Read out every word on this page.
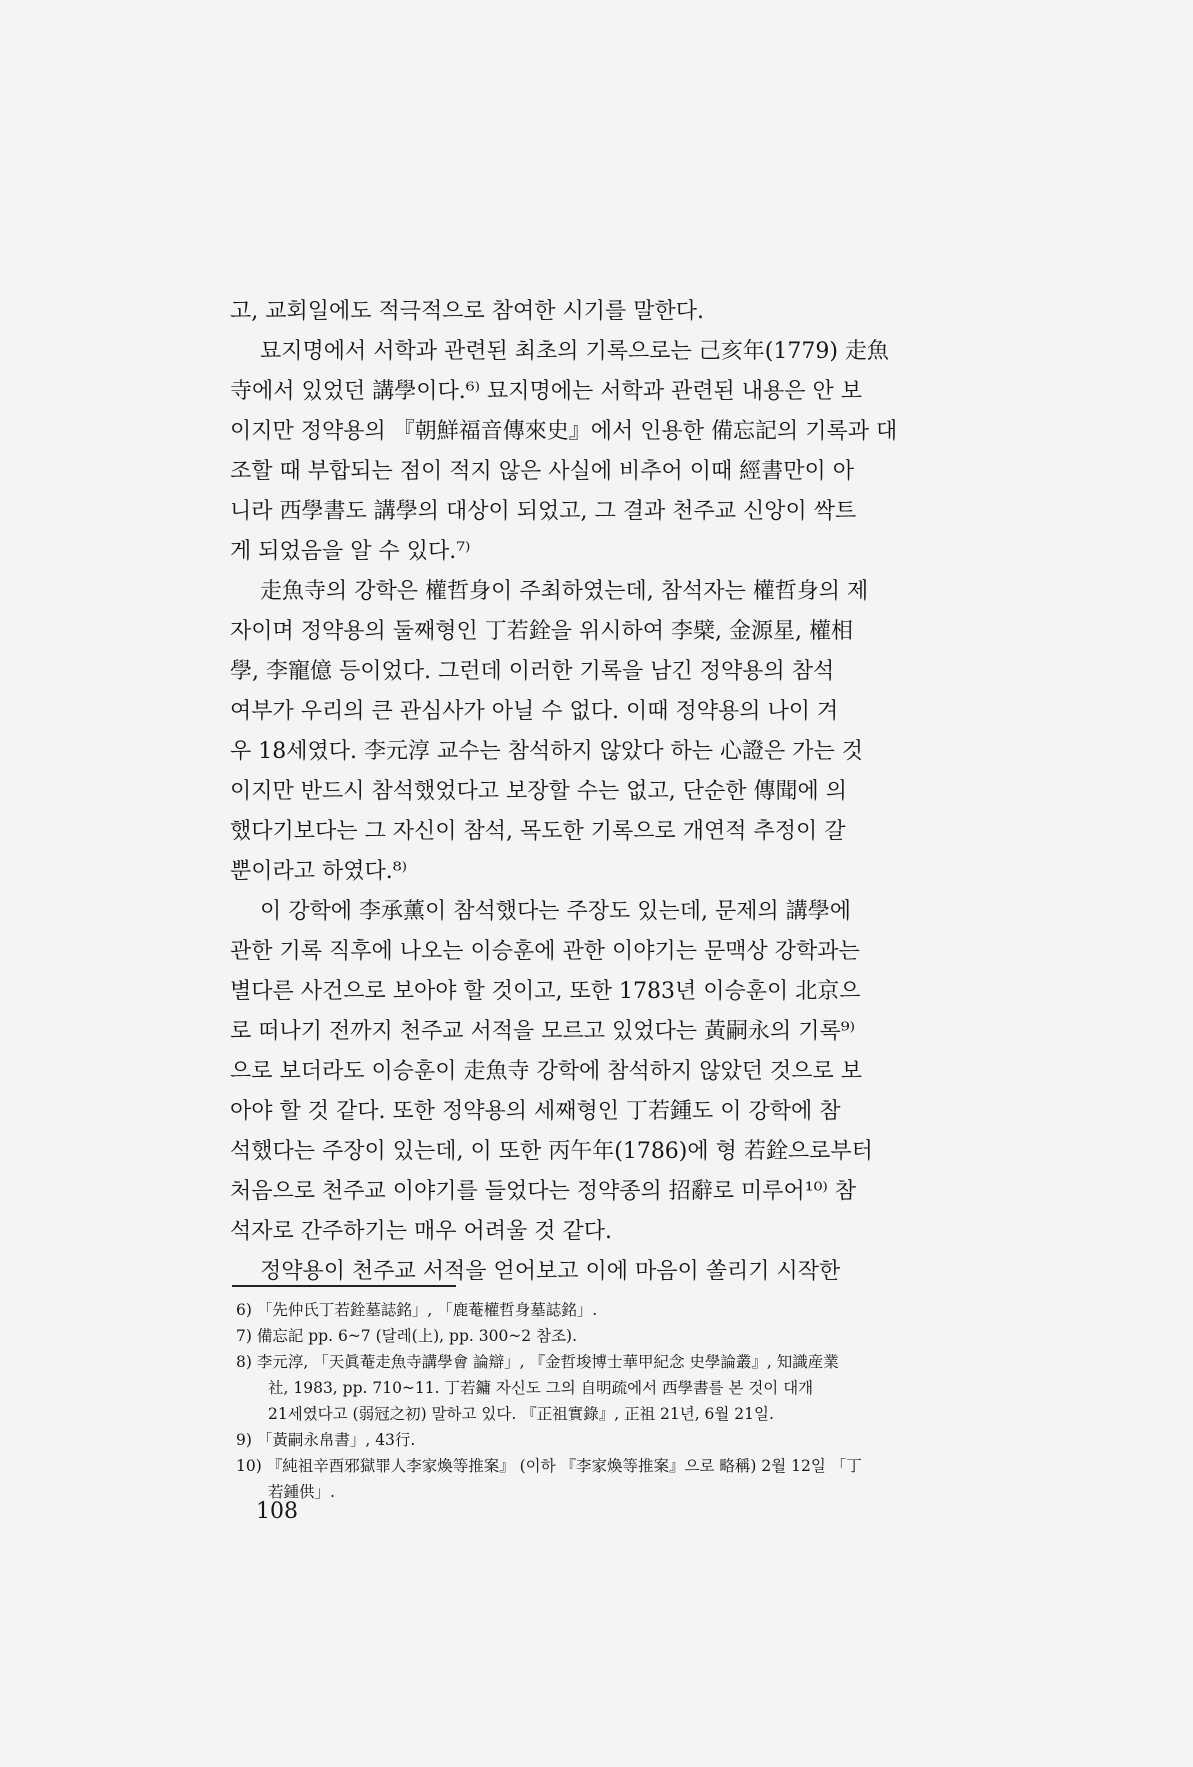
고, 교회일에도 적극적으로 참여한 시기를 말한다.
묘지명에서 서학과 관련된 최초의 기록으로는 己亥年(1779) 走魚
寺에서 있었던 講學이다.⁶⁾ 묘지명에는 서학과 관련된 내용은 안 보
이지만 정약용의 『朝鮮福音傳來史』에서 인용한 備忘記의 기록과 대
조할 때 부합되는 점이 적지 않은 사실에 비추어 이때 經書만이 아
니라 西學書도 講學의 대상이 되었고, 그 결과 천주교 신앙이 싹트
게 되었음을 알 수 있다.⁷⁾
走魚寺의 강학은 權哲身이 주최하였는데, 참석자는 權哲身의 제
자이며 정약용의 둘째형인 丁若銓을 위시하여 李檗, 金源星, 權相
學, 李寵億 등이었다. 그런데 이러한 기록을 남긴 정약용의 참석
여부가 우리의 큰 관심사가 아닐 수 없다. 이때 정약용의 나이 겨
우 18세였다. 李元淳 교수는 참석하지 않았다 하는 心證은 가는 것
이지만 반드시 참석했었다고 보장할 수는 없고, 단순한 傳聞에 의
했다기보다는 그 자신이 참석, 목도한 기록으로 개연적 추정이 갈
뿐이라고 하였다.⁸⁾
이 강학에 李承薰이 참석했다는 주장도 있는데, 문제의 講學에
관한 기록 직후에 나오는 이승훈에 관한 이야기는 문맥상 강학과는
별다른 사건으로 보아야 할 것이고, 또한 1783년 이승훈이 北京으
로 떠나기 전까지 천주교 서적을 모르고 있었다는 黃嗣永의 기록⁹⁾
으로 보더라도 이승훈이 走魚寺 강학에 참석하지 않았던 것으로 보
아야 할 것 같다. 또한 정약용의 세째형인 丁若鍾도 이 강학에 참
석했다는 주장이 있는데, 이 또한 丙午年(1786)에 형 若銓으로부터
처음으로 천주교 이야기를 들었다는 정약종의 招辭로 미루어¹⁰⁾ 참
석자로 간주하기는 매우 어려울 것 같다.
정약용이 천주교 서적을 얻어보고 이에 마음이 쏠리기 시작한
6) 「先仲氏丁若銓墓誌銘」, 「鹿菴權哲身墓誌銘」.
7) 備忘記 pp. 6~7 (달레(上), pp. 300~2 참조).
8) 李元淳, 「天眞菴走魚寺講學會 論辯」, 『金哲埈博士華甲紀念 史學論叢』, 知識産業
社, 1983, pp. 710~11. 丁若鏞 자신도 그의 自明疏에서 西學書를 본 것이 대개
21세였다고 (弱冠之初) 말하고 있다. 『正祖實錄』, 正祖 21년, 6월 21일.
9) 「黃嗣永帛書」, 43行.
10) 『純祖辛酉邪獄罪人李家煥等推案』 (이하 『李家煥等推案』으로 略稱) 2월 12일 「丁
若鍾供」.
108
